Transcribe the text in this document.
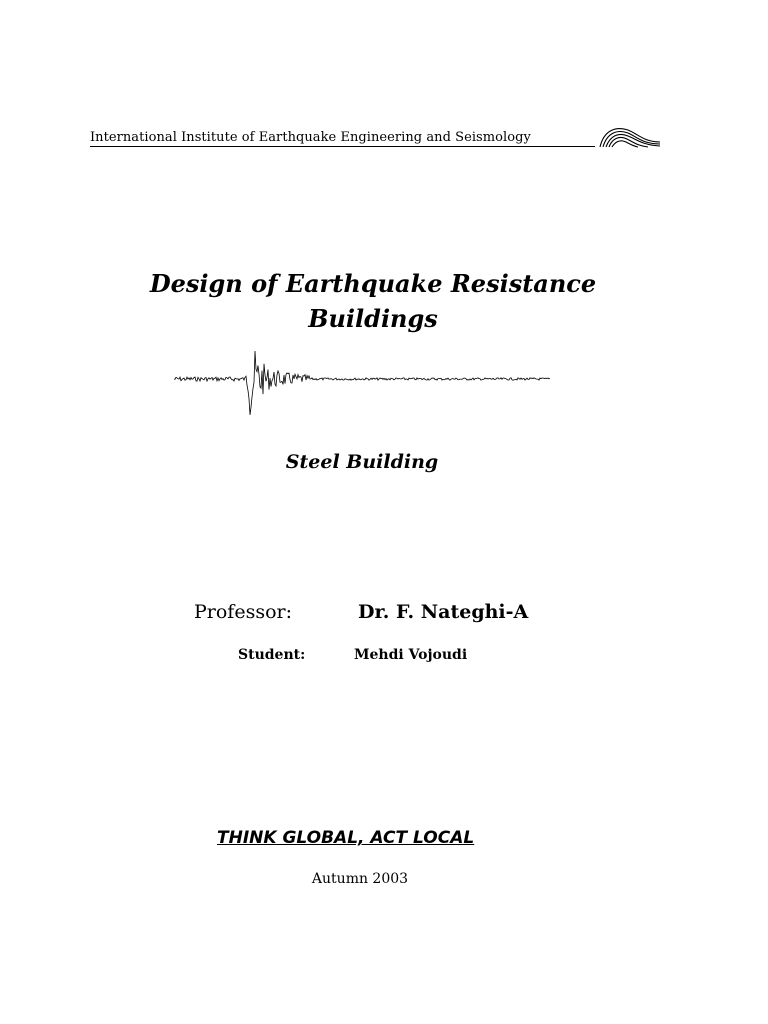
International Institute of Earthquake Engineering and Seismology
Design of Earthquake Resistance
Buildings
Steel Building
Professor:	Dr. F. Nateghi-A
Student:	Mehdi Vojoudi
THINK GLOBAL, ACT LOCAL
Autumn 2003
